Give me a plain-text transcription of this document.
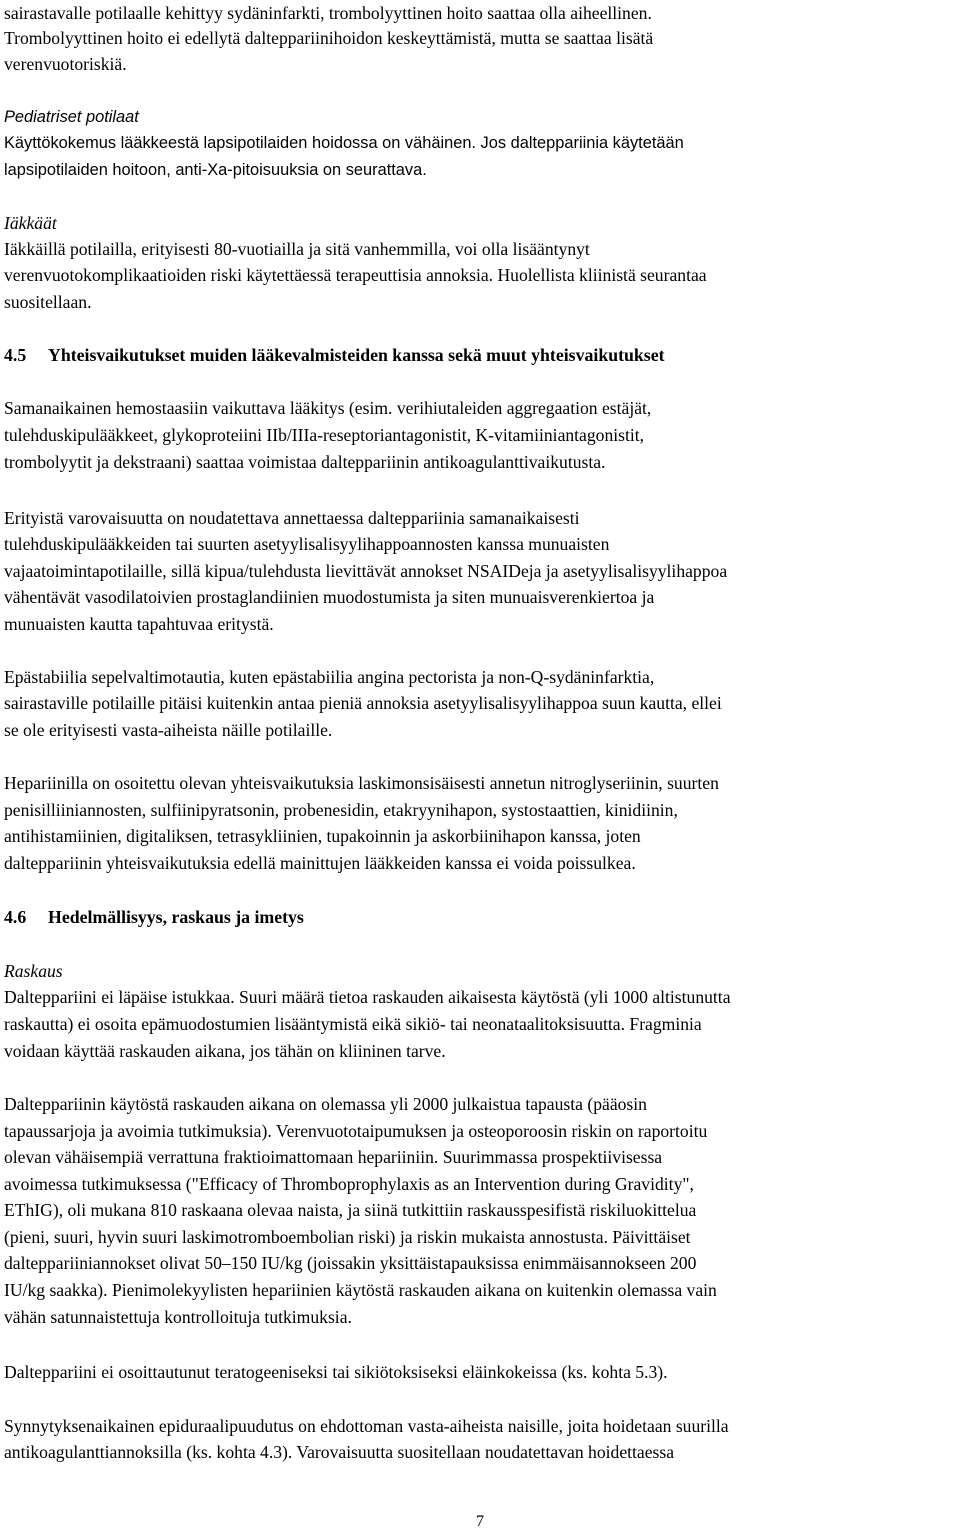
sairastavalle potilaalle kehittyy sydäninfarkti, trombolyyttinen hoito saattaa olla aiheellinen.
Trombolyyttinen hoito ei edellytä dalteppariinihoidon keskeyttämistä, mutta se saattaa lisätä
verenvuotoriskiä.
Pediatriset potilaat
Käyttökokemus lääkkeestä lapsipotilaiden hoidossa on vähäinen. Jos dalteppariinia käytetään
lapsipotilaiden hoitoon, anti-Xa-pitoisuuksia on seurattava.
Iäkkäät
Iäkkäillä potilailla, erityisesti 80-vuotiailla ja sitä vanhemmilla, voi olla lisääntynyt
verenvuotokomplikaatioiden riski käytettäessä terapeuttisia annoksia. Huolellista kliinistä seurantaa
suositellaan.
4.5 Yhteisvaikutukset muiden lääkevalmisteiden kanssa sekä muut yhteisvaikutukset
Samanaikainen hemostaasiin vaikuttava lääkitys (esim. verihiutaleiden aggregaation estäjät,
tulehduskipulääkkeet, glykoproteiini IIb/IIIa-reseptoriantagonistit, K-vitamiiniantagonistit,
trombolyytit ja dekstraani) saattaa voimistaa dalteppariinin antikoagulanttivaikutusta.
Erityistä varovaisuutta on noudatettava annettaessa dalteppariinia samanaikaisesti
tulehduskipulääkkeiden tai suurten asetyylisalisyylihappoannosten kanssa munuaisten
vajaatoimintapotilaille, sillä kipua/tulehdusta lievittävät annokset NSAIDeja ja asetyylisalisyylihappoa
vähentävät vasodilatoivien prostaglandiinien muodostumista ja siten munuaisverenkiertoa ja
munuaisten kautta tapahtuvaa eritystä.
Epästabiilia sepelvaltimotautia, kuten epästabiilia angina pectorista ja non-Q-sydäninfarktia,
sairastaville potilaille pitäisi kuitenkin antaa pieniä annoksia asetyylisalisyylihappoa suun kautta, ellei
se ole erityisesti vasta-aiheista näille potilaille.
Hepariinilla on osoitettu olevan yhteisvaikutuksia laskimonsisäisesti annetun nitroglyseriinin, suurten
penisilliiniannosten, sulfiinipyratsonin, probenesidin, etakryynihapon, systostaattien, kinidiinin,
antihistamiinien, digitaliksen, tetrasykliinien, tupakoinnin ja askorbiinihapon kanssa, joten
dalteppariinin yhteisvaikutuksia edellä mainittujen lääkkeiden kanssa ei voida poissulkea.
4.6 Hedelmällisyys, raskaus ja imetys
Raskaus
Dalteppariini ei läpäise istukkaa. Suuri määrä tietoa raskauden aikaisesta käytöstä (yli 1000 altistunutta
raskautta) ei osoita epämuodostumien lisääntymistä eikä sikiö- tai neonataalitoksisuutta. Fragminia
voidaan käyttää raskauden aikana, jos tähän on kliininen tarve.
Dalteppariinin käytöstä raskauden aikana on olemassa yli 2000 julkaistua tapausta (pääosin
tapaussarjoja ja avoimia tutkimuksia). Verenvuototaipumuksen ja osteoporoosin riskin on raportoitu
olevan vähäisempiä verrattuna fraktioimattomaan hepariiniin. Suurimmassa prospektiivisessa
avoimessa tutkimuksessa ("Efficacy of Thromboprophylaxis as an Intervention during Gravidity",
EThIG), oli mukana 810 raskaana olevaa naista, ja siinä tutkittiin raskausspesifistä riskiluokittelua
(pieni, suuri, hyvin suuri laskimotromboembolian riski) ja riskin mukaista annostusta. Päivittäiset
dalteppariiniannokset olivat 50–150 IU/kg (joissakin yksittäistapauksissa enimmäisannokseen 200
IU/kg saakka). Pienimolekyylisten hepariinien käytöstä raskauden aikana on kuitenkin olemassa vain
vähän satunnaistettuja kontrolloituja tutkimuksia.
Dalteppariini ei osoittautunut teratogeeniseksi tai sikiötoksiseksi eläinkokeissa (ks. kohta 5.3).
Synnytyksenaikainen epiduraalipuudutus on ehdottoman vasta-aiheista naisille, joita hoidetaan suurilla
antikoagulanttiannoksilla (ks. kohta 4.3). Varovaisuutta suositellaan noudatettavan hoidettaessa
7
